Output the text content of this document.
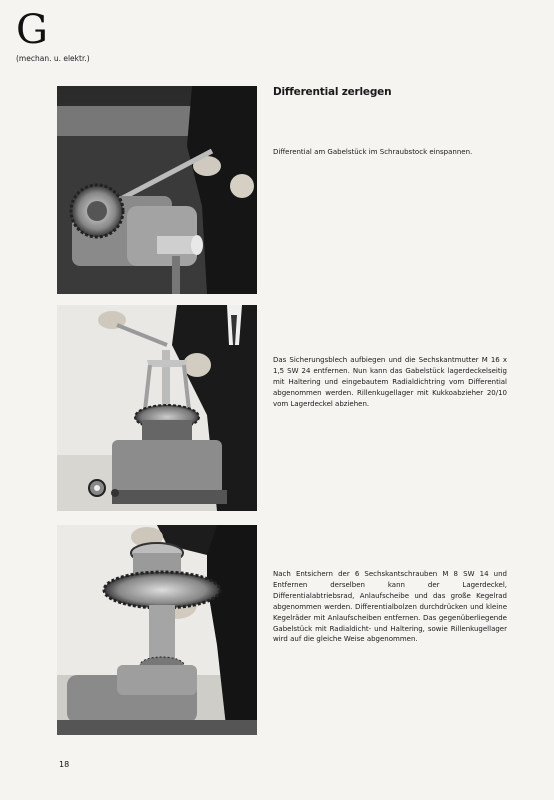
G
(mechan. u. elektr.)
Differential zerlegen
Differential am Gabelstück im Schraubstock einspannen.
Das Sicherungsblech aufbiegen und die Sechskantmutter M 16 x 1,5 SW 24 entfernen. Nun kann das Gabelstück lagerdeckelseitig mit Haltering und eingebautem Radialdichtring vom Differential abgenommen werden. Rillenkugellager mit Kukkoabzieher 20/10 vom Lagerdeckel abziehen.
Nach Entsichern der 6 Sechskantschrauben M 8 SW 14 und Entfernen derselben kann der Lagerdeckel, Differentialabtriebsrad, Anlaufscheibe und das große Kegelrad abgenommen werden. Differentialbolzen durchdrücken und kleine Kegelräder mit Anlaufscheiben entfernen. Das gegenüberliegende Gabelstück mit Radialdicht- und Haltering, sowie Rillenkugellager wird auf die gleiche Weise abgenommen.
18
